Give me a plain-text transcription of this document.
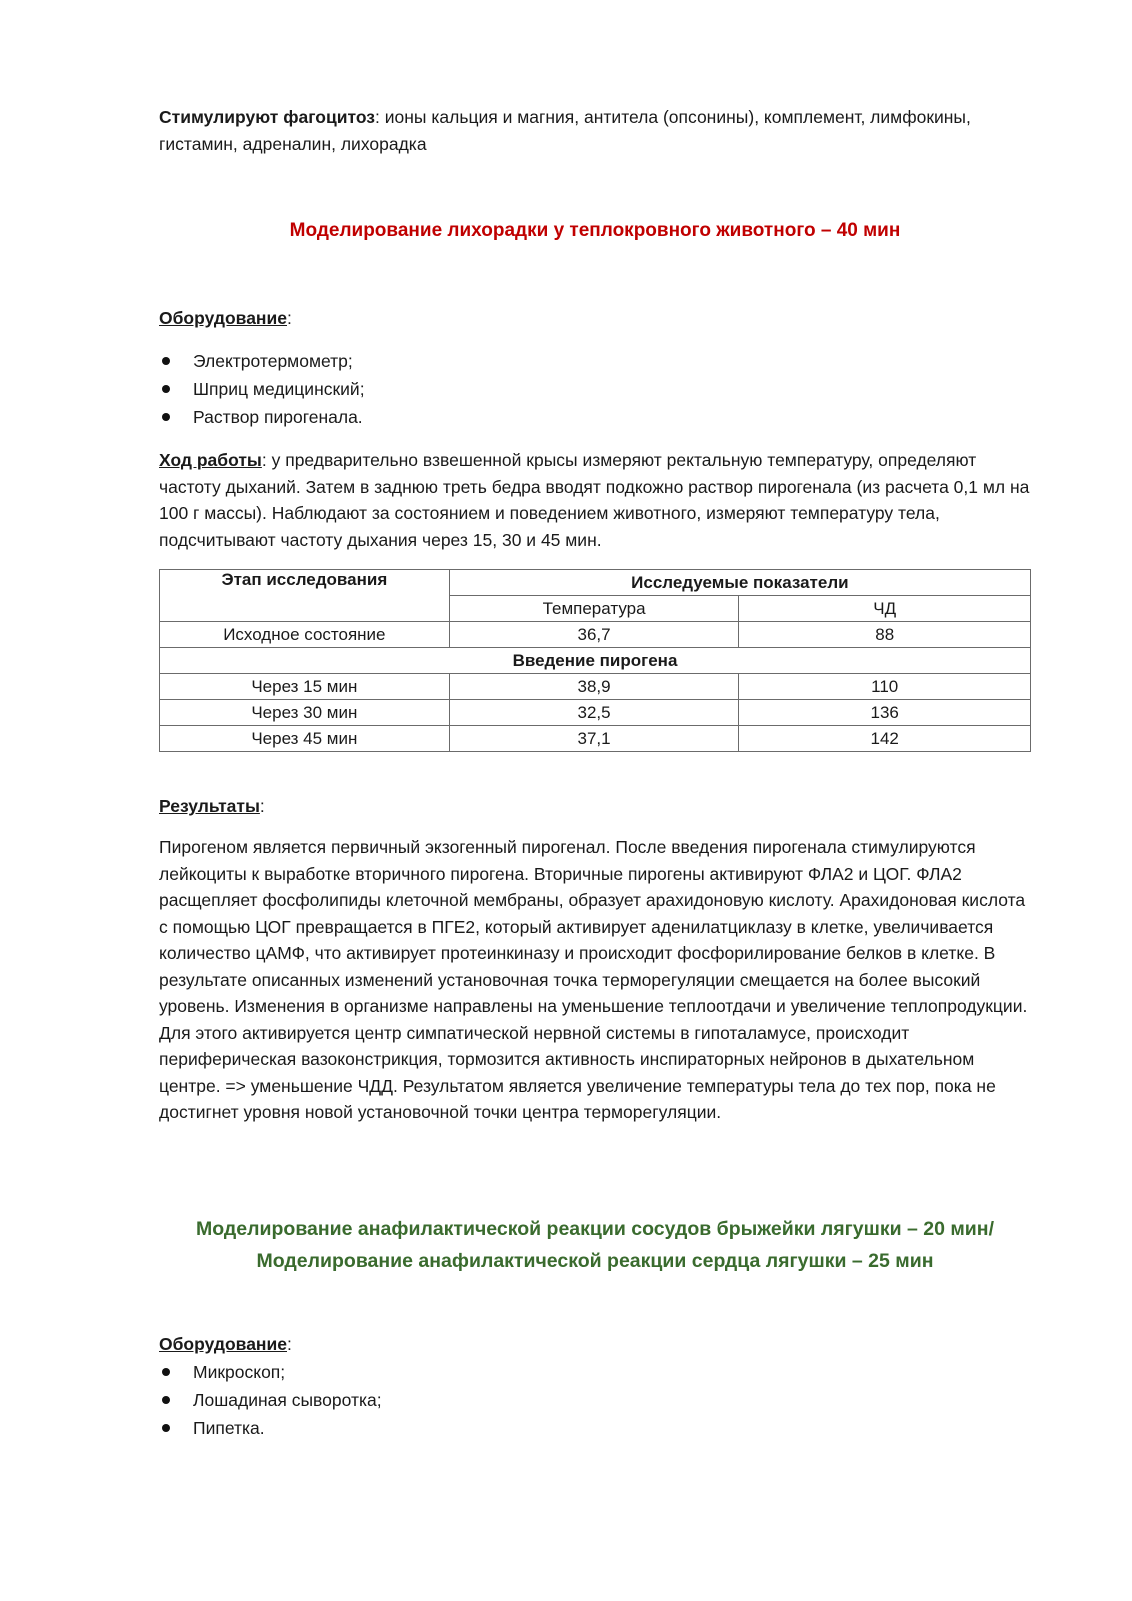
Стимулируют фагоцитоз: ионы кальция и магния, антитела (опсонины), комплемент, лимфокины, гистамин, адреналин, лихорадка

Моделирование лихорадки у теплокровного животного – 40 мин

Оборудование:

Электротермометр;
Шприц медицинский;
Раствор пирогенала.

Ход работы: у предварительно взвешенной крысы измеряют ректальную температуру, определяют частоту дыханий. Затем в заднюю треть бедра вводят подкожно раствор пирогенала (из расчета 0,1 мл на 100 г массы). Наблюдают за состоянием и поведением животного, измеряют температуру тела, подсчитывают частоту дыхания через 15, 30 и 45 мин.

Этап исследования	Исследуемые показатели	
	Температура	ЧД
Исходное состояние	36,7	88
Введение пирогена		
Через 15 мин	38,9	110
Через 30 мин	32,5	136
Через 45 мин	37,1	142

Результаты:

Пирогеном является первичный экзогенный пирогенал. После введения пирогенала стимулируются лейкоциты к выработке вторичного пирогена. Вторичные пирогены активируют ФЛА2 и ЦОГ. ФЛА2 расщепляет фосфолипиды клеточной мембраны, образует арахидоновую кислоту. Арахидоновая кислота с помощью ЦОГ превращается в ПГЕ2, который активирует аденилатциклазу в клетке, увеличивается количество цАМФ, что активирует протеинкиназу и происходит фосфорилирование белков в клетке. В результате описанных изменений установочная точка терморегуляции смещается на более высокий уровень. Изменения в организме направлены на уменьшение теплоотдачи и увеличение теплопродукции. Для этого активируется центр симпатической нервной системы в гипоталамусе, происходит периферическая вазоконстрикция, тормозится активность инспираторных нейронов в дыхательном центре. => уменьшение ЧДД. Результатом является увеличение температуры тела до тех пор, пока не достигнет уровня новой установочной точки центра терморегуляции.

Моделирование анафилактической реакции сосудов брыжейки лягушки – 20 мин/
Моделирование анафилактической реакции сердца лягушки – 25 мин

Оборудование:

Микроскоп;
Лошадиная сыворотка;
Пипетка.
